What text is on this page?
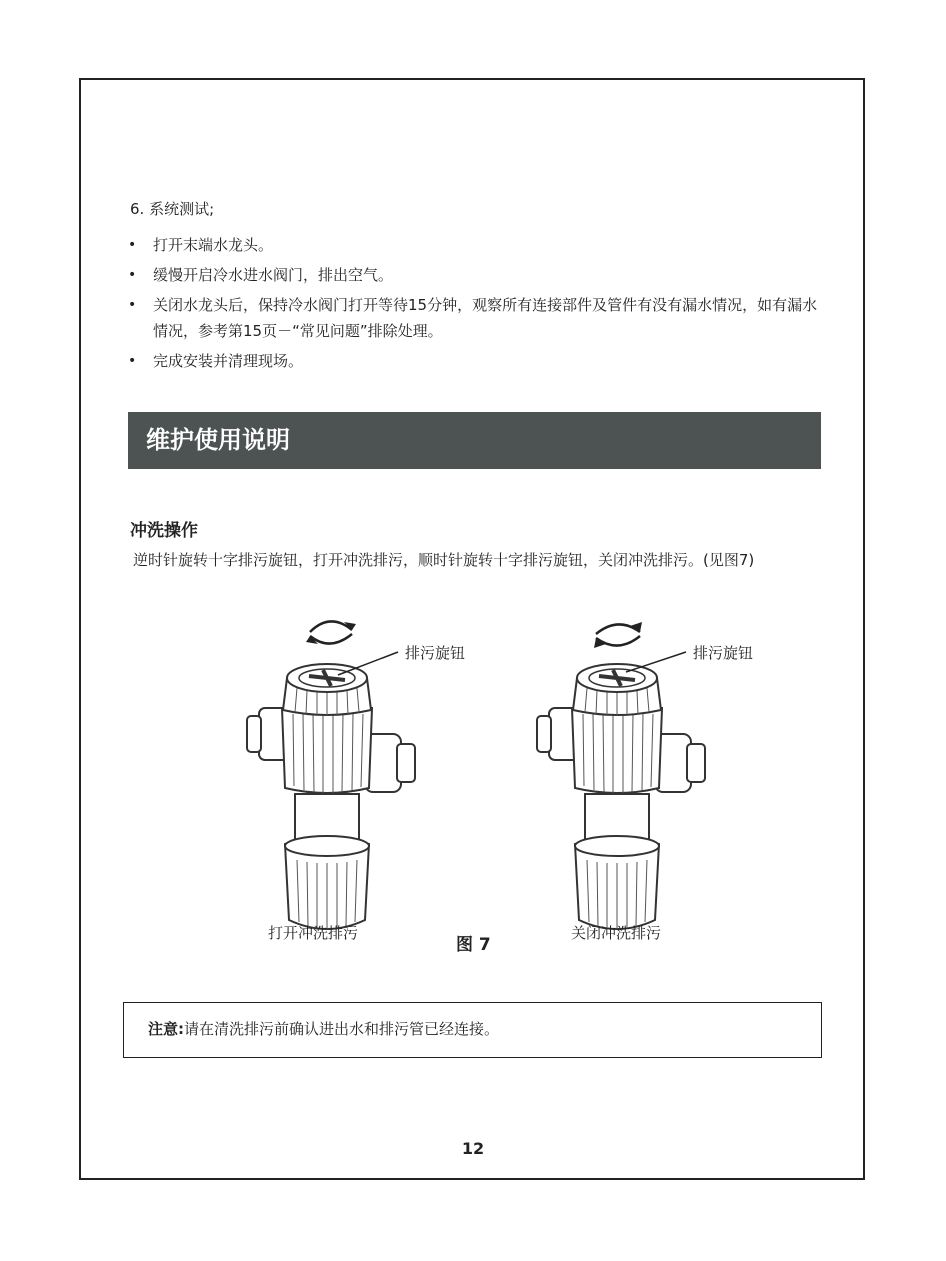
6. 系统测试;
• 打开末端水龙头。
• 缓慢开启冷水进水阀门，排出空气。
• 关闭水龙头后，保持冷水阀门打开等待15分钟，观察所有连接部件及管件有没有漏水情况，如有漏水情况，参考第15页－“常见问题”排除处理。
• 完成安装并清理现场。
维护使用说明
冲洗操作
逆时针旋转十字排污旋钮，打开冲洗排污，顺时针旋转十字排污旋钮，关闭冲洗排污。(见图7)
排污旋钮	排污旋钮
打开冲洗排污
图 7
关闭冲洗排污
注意:请在清洗排污前确认进出水和排污管已经连接。
12
